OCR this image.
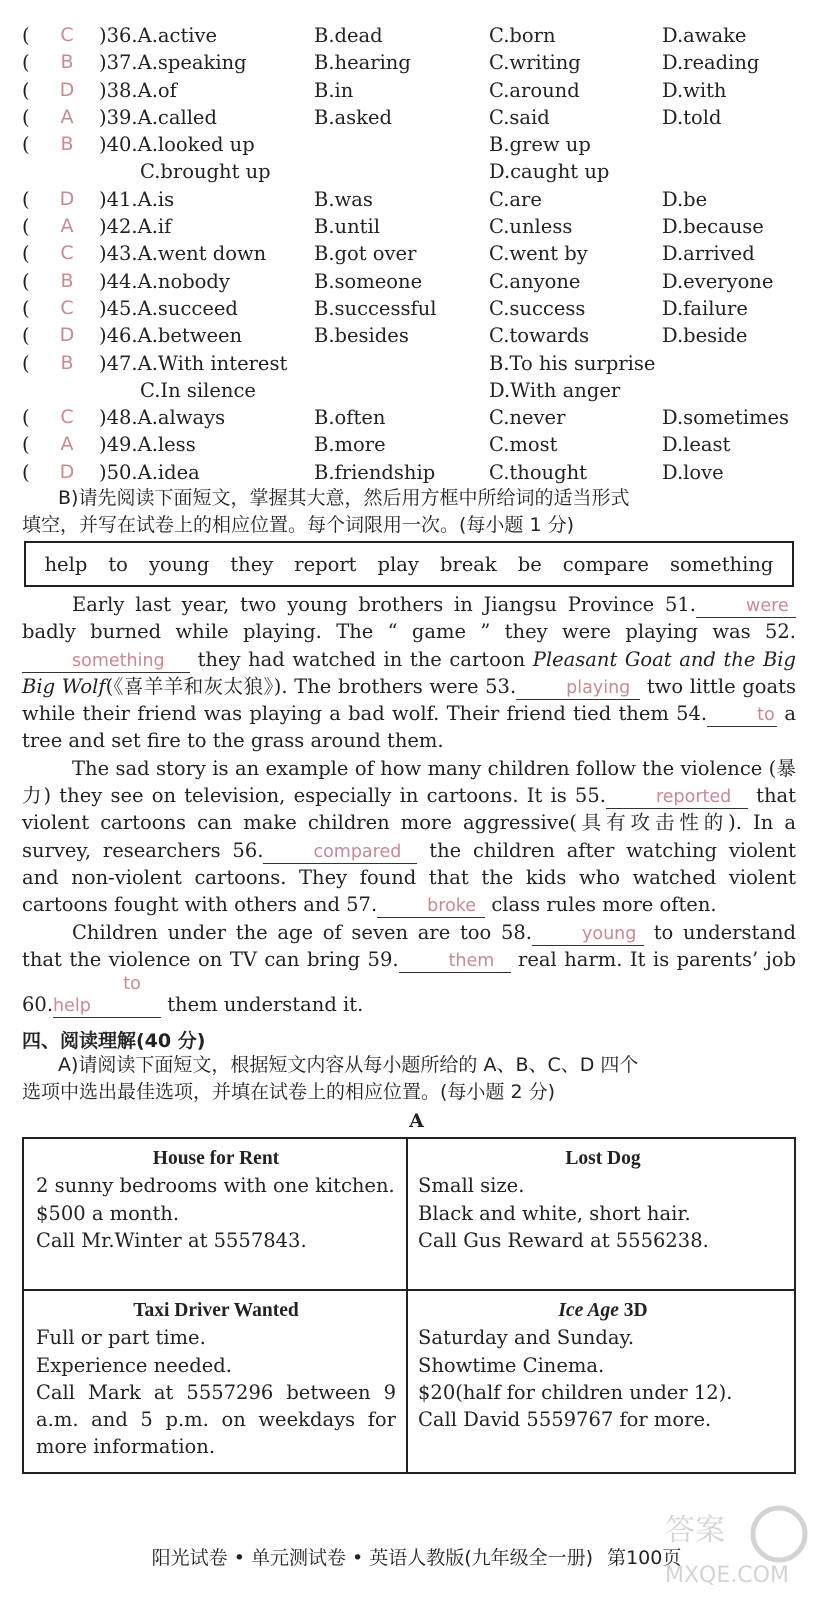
( C )36.A.active	B.dead	C.born	D.awake
( B )37.A.speaking	B.hearing	C.writing	D.reading
( D )38.A.of	B.in	C.around	D.with
( A )39.A.called	B.asked	C.said	D.told
( B )40.A.looked up	B.grew up
C.brought up	D.caught up
( D )41.A.is	B.was	C.are	D.be
( A )42.A.if	B.until	C.unless	D.because
( C )43.A.went down B.got over	C.went by	D.arrived
( B )44.A.nobody	B.someone	C.anyone	D.everyone
( C )45.A.succeed	B.successful	C.success	D.failure
( D )46.A.between	B.besides	C.towards	D.beside
( B )47.A.With interest	B.To his surprise
C.In silence	D.With anger
( C )48.A.always	B.often	C.never	D.sometimes
( A )49.A.less	B.more	C.most	D.least
( D )50.A.idea	B.friendship	C.thought	D.love

B)请先阅读下面短文，掌握其大意，然后用方框中所给词的适当形式

填空，并写在试卷上的相应位置。每个词限用一次。(每小题 1 分)

help to young they report play break be compare something

Early last year, two young brothers in Jiangsu Province 51.	were badly burned while playing. The “ game ” they were playing was 52.something they had watched in the cartoon Pleasant Goat and the Big Big Wolf(《喜羊羊和灰太狼》). The brothers were 53.	playing two little goats while their friend was playing a bad wolf. Their friend tied them 54.	to a tree and set fire to the grass around them.

The sad story is an example of how many children follow the violence (暴力) they see on television, especially in cartoons. It is 55.	reported that violent cartoons can make children more aggressive(具有攻击性的). In a survey, researchers 56.	compared the children after watching violent and non-violent cartoons. They found that the kids who watched violent cartoons fought with others and 57.	broke class rules more often.

Children under the age of seven are too 58.	young to understand that the violence on TV can bring 59.	them real harm. It is parents’ job 60.to help	them understand it.

四、阅读理解(40 分)

A)请阅读下面短文，根据短文内容从每小题所给的 A、B、C、D 四个

选项中选出最佳选项，并填在试卷上的相应位置。(每小题 2 分)

A
House for Rent

2 sunny bedrooms with one kitchen.

$500 a month.

Call Mr.Winter at 5557843.

Lost Dog

Small size.

Black and white, short hair.

Call Gus Reward at 5556238.

Taxi Driver Wanted

Full or part time.

Experience needed.

Call Mark at 5557296 between 9 a.m. and 5 p.m. on weekdays for more information.

Ice Age 3D

Saturday and Sunday.

Showtime Cinema.

$20(half for children under 12).

Call David 5559767 for more.

阳光试卷 • 单元测试卷 • 英语人教版(九年级全一册) 第100页
答案
MXQE.COM
